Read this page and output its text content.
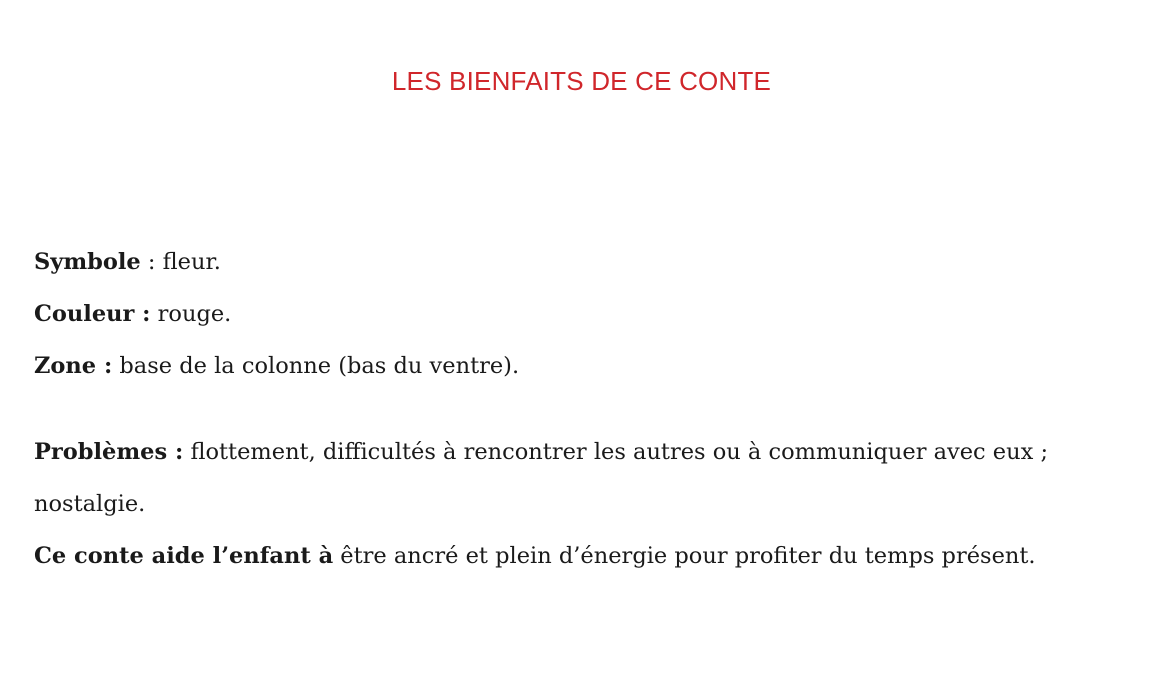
LES BIENFAITS DE CE CONTE

Symbole : fleur.

Couleur : rouge.

Zone : base de la colonne (bas du ventre).

Problèmes : flottement, difficultés à rencontrer les autres ou à communiquer avec eux ; nostalgie.

Ce conte aide l’enfant à être ancré et plein d’énergie pour profiter du temps présent.
